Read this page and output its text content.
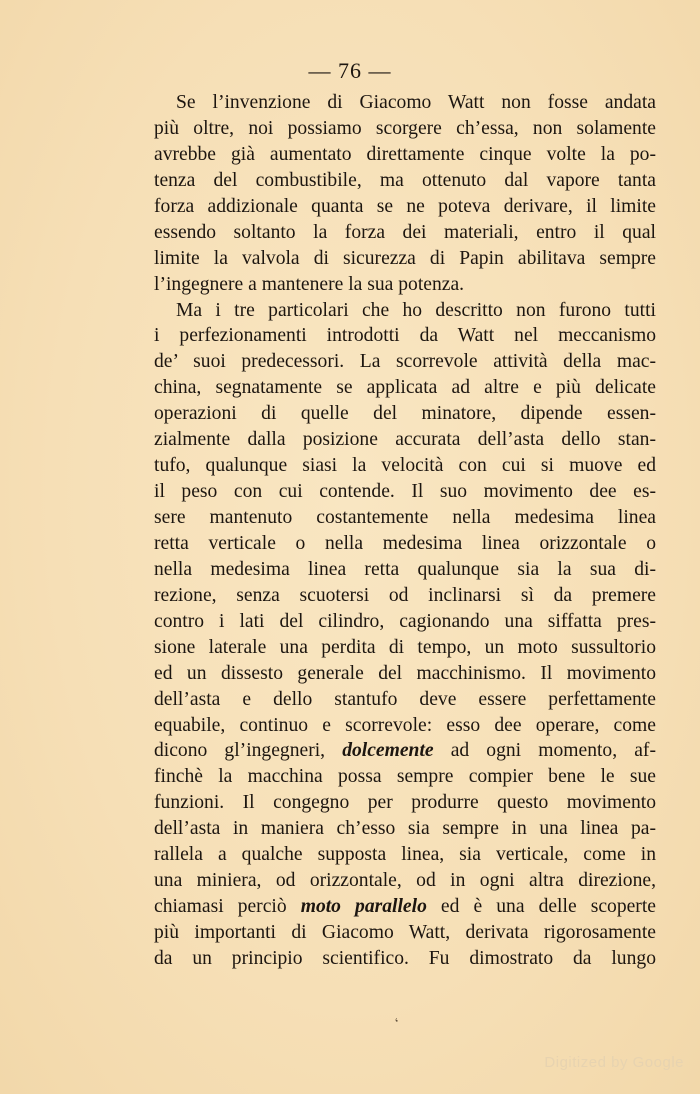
— 76 —
Se l’invenzione di Giacomo Watt non fosse andata
più oltre, noi possiamo scorgere ch’essa, non solamente
avrebbe già aumentato direttamente cinque volte la po-
tenza del combustibile, ma ottenuto dal vapore tanta
forza addizionale quanta se ne poteva derivare, il limite
essendo soltanto la forza dei materiali, entro il qual
limite la valvola di sicurezza di Papin abilitava sempre
l’ingegnere a mantenere la sua potenza.
Ma i tre particolari che ho descritto non furono tutti
i perfezionamenti introdotti da Watt nel meccanismo
de’ suoi predecessori. La scorrevole attività della mac-
china, segnatamente se applicata ad altre e più delicate
operazioni di quelle del minatore, dipende essen-
zialmente dalla posizione accurata dell’asta dello stan-
tufo, qualunque siasi la velocità con cui si muove ed
il peso con cui contende. Il suo movimento dee es-
sere mantenuto costantemente nella medesima linea
retta verticale o nella medesima linea orizzontale o
nella medesima linea retta qualunque sia la sua di-
rezione, senza scuotersi od inclinarsi sì da premere
contro i lati del cilindro, cagionando una siffatta pres-
sione laterale una perdita di tempo, un moto sussultorio
ed un dissesto generale del macchinismo. Il movimento
dell’asta e dello stantufo deve essere perfettamente
equabile, continuo e scorrevole: esso dee operare, come
dicono gl’ingegneri, dolcemente ad ogni momento, af-
finchè la macchina possa sempre compier bene le sue
funzioni. Il congegno per produrre questo movimento
dell’asta in maniera ch’esso sia sempre in una linea pa-
rallela a qualche supposta linea, sia verticale, come in
una miniera, od orizzontale, od in ogni altra direzione,
chiamasi perciò moto parallelo ed è una delle scoperte
più importanti di Giacomo Watt, derivata rigorosamente
da un principio scientifico. Fu dimostrato da lungo
ʻ
Digitized by Google
